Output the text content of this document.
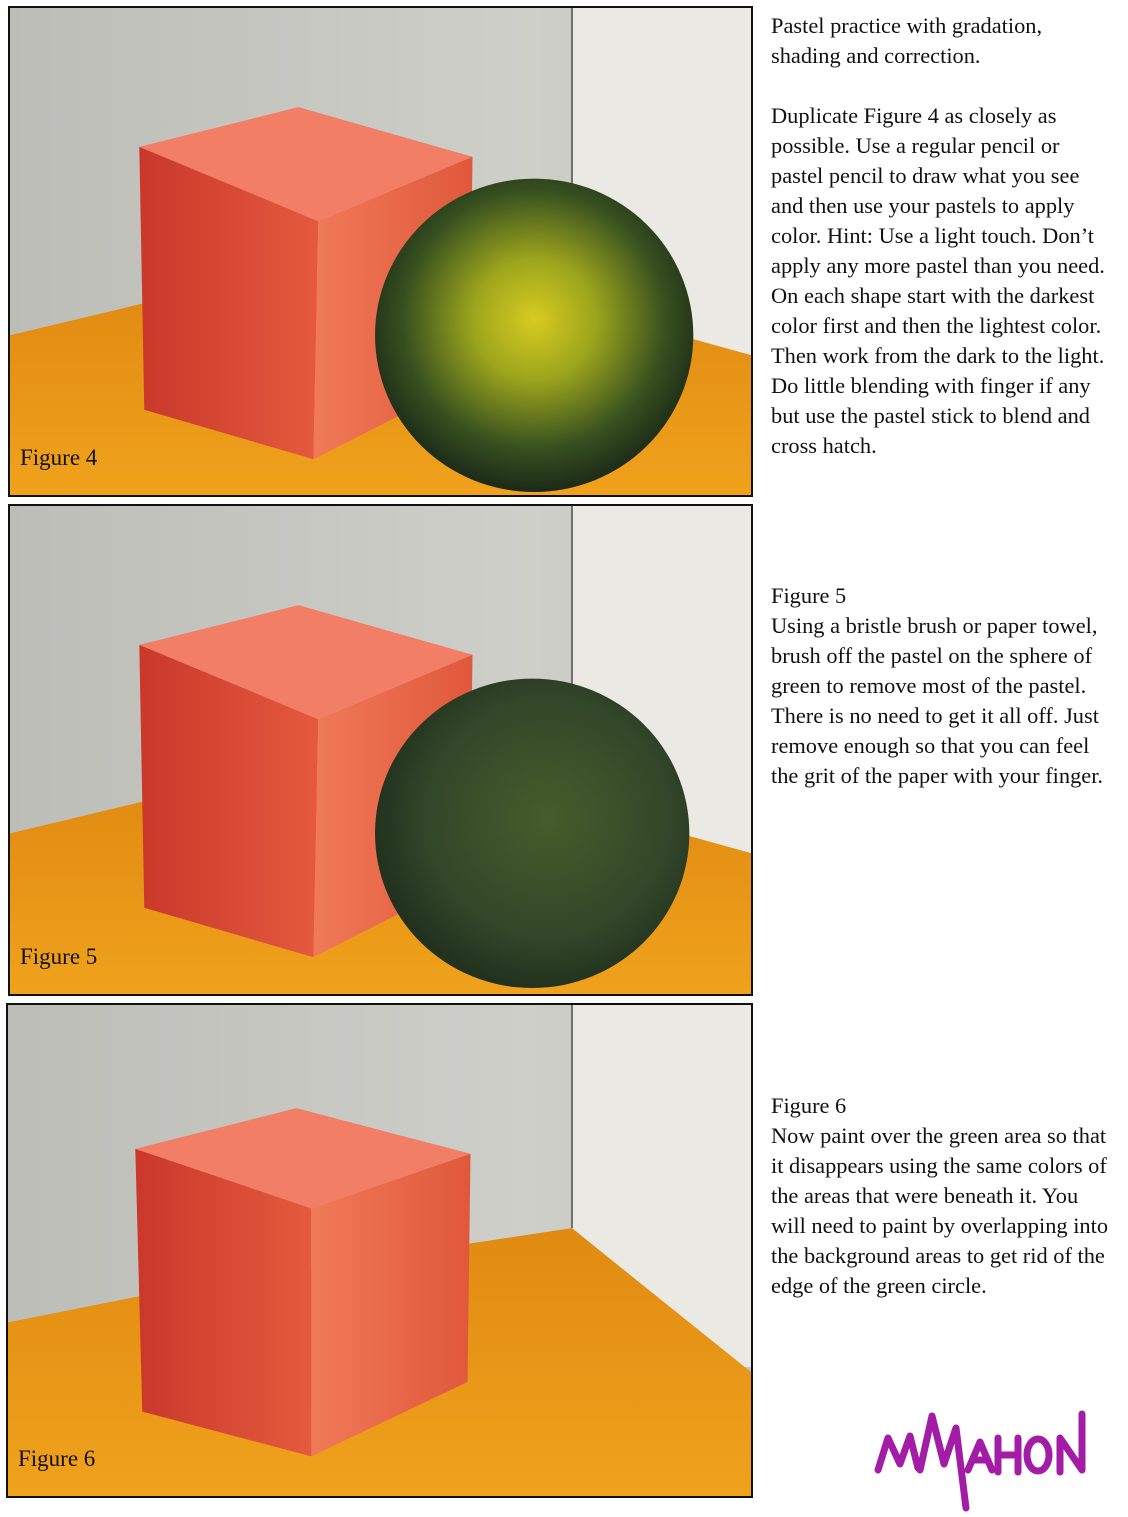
Figure 4
Figure 5
Figure 6

Pastel practice with gradation, shading and correction.

Duplicate Figure 4 as closely as possible. Use a regular pencil or pastel pencil to draw what you see and then use your pastels to apply color. Hint: Use a light touch. Don’t apply any more pastel than you need. On each shape start with the darkest color first and then the lightest color. Then work from the dark to the light. Do little blending with finger if any but use the pastel stick to blend and cross hatch.

Figure 5
Using a bristle brush or paper towel, brush off the pastel on the sphere of green to remove most of the pastel. There is no need to get it all off. Just remove enough so that you can feel the grit of the paper with your finger.
Figure 6
Now paint over the green area so that it disappears using the same colors of the areas that were beneath it. You will need to paint by overlapping into the background areas to get rid of the edge of the green circle.
